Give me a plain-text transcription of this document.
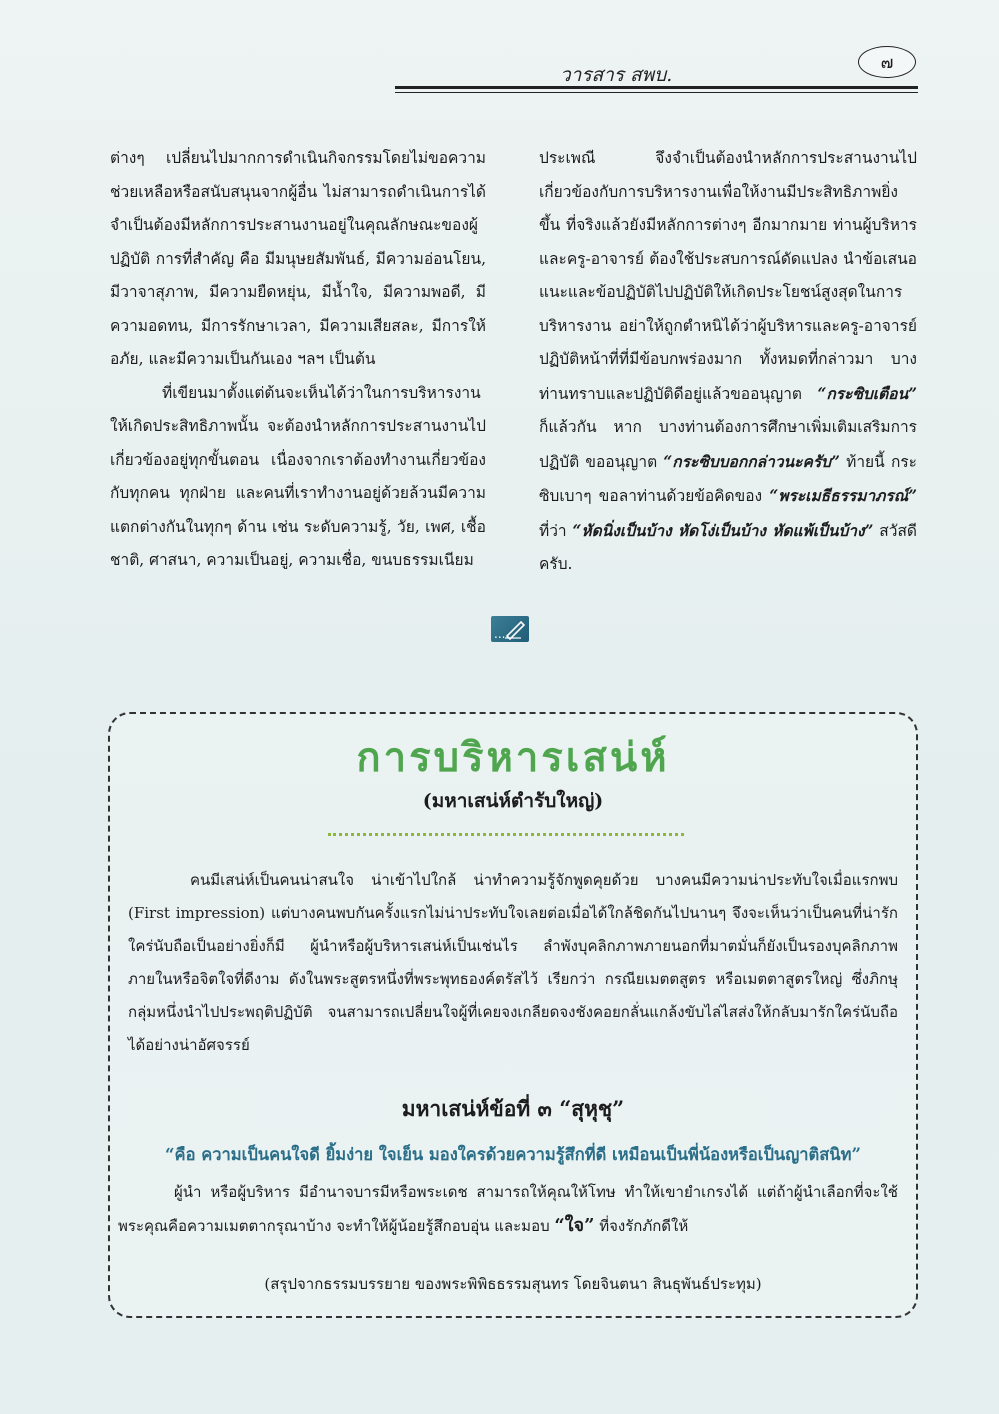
วารสาร สพบ.
๗

ต่างๆ เปลี่ยนไปมากการดำเนินกิจกรรมโดยไม่ขอความช่วยเหลือหรือสนับสนุนจากผู้อื่น ไม่สามารถดำเนินการได้ จำเป็นต้องมีหลักการประสานงานอยู่ในคุณลักษณะของผู้ปฏิบัติ การที่สำคัญ คือ มีมนุษยสัมพันธ์, มีความอ่อนโยน, มีวาจาสุภาพ, มีความยืดหยุ่น, มีน้ำใจ, มีความพอดี, มีความอดทน, มีการรักษาเวลา, มีความเสียสละ, มีการให้อภัย, และมีความเป็นกันเอง ฯลฯ เป็นต้น

ที่เขียนมาตั้งแต่ต้นจะเห็นได้ว่าในการบริหารงานให้เกิดประสิทธิภาพนั้น จะต้องนำหลักการประสานงานไปเกี่ยวข้องอยู่ทุกขั้นตอน เนื่องจากเราต้องทำงานเกี่ยวข้องกับทุกคน ทุกฝ่าย และคนที่เราทำงานอยู่ด้วยล้วนมีความแตกต่างกันในทุกๆ ด้าน เช่น ระดับความรู้, วัย, เพศ, เชื้อชาติ, ศาสนา, ความเป็นอยู่, ความเชื่อ, ขนบธรรมเนียม

ประเพณี จึงจำเป็นต้องนำหลักการประสานงานไปเกี่ยวข้องกับการบริหารงานเพื่อให้งานมีประสิทธิภาพยิ่งขึ้น ที่จริงแล้วยังมีหลักการต่างๆ อีกมากมาย ท่านผู้บริหารและครู-อาจารย์ ต้องใช้ประสบการณ์ดัดแปลง นำข้อเสนอแนะและข้อปฏิบัติไปปฏิบัติให้เกิดประโยชน์สูงสุดในการบริหารงาน อย่าให้ถูกตำหนิได้ว่าผู้บริหารและครู-อาจารย์ ปฏิบัติหน้าที่ที่มีข้อบกพร่องมาก ทั้งหมดที่กล่าวมา บางท่านทราบและปฏิบัติดีอยู่แล้วขออนุญาต “กระซิบเตือน” ก็แล้วกัน หาก บางท่านต้องการศึกษาเพิ่มเติมเสริมการปฏิบัติ ขออนุญาต “กระซิบบอกกล่าวนะครับ” ท้ายนี้ กระซิบเบาๆ ขอลาท่านด้วยข้อคิดของ “พระเมธีธรรมาภรณ์” ที่ว่า “หัดนิ่งเป็นบ้าง หัดโง่เป็นบ้าง หัดแพ้เป็นบ้าง” สวัสดีครับ.

...
การบริหารเสน่ห์
(มหาเสน่ห์ตำรับใหญ่)

คนมีเสน่ห์เป็นคนน่าสนใจ น่าเข้าไปใกล้ น่าทำความรู้จักพูดคุยด้วย บางคนมีความน่าประทับใจเมื่อแรกพบ (First impression) แต่บางคนพบกันครั้งแรกไม่น่าประทับใจเลยต่อเมื่อได้ใกล้ชิดกันไปนานๆ จึงจะเห็นว่าเป็นคนที่น่ารักใคร่นับถือเป็นอย่างยิ่งก็มี ผู้นำหรือผู้บริหารเสน่ห์เป็นเช่นไร ลำพังบุคลิกภาพภายนอกที่มาตมั่นก็ยังเป็นรองบุคลิกภาพภายในหรือจิตใจที่ดีงาม ดังในพระสูตรหนึ่งที่พระพุทธองค์ตรัสไว้ เรียกว่า กรณียเมตตสูตร หรือเมตตาสูตรใหญ่ ซึ่งภิกษุกลุ่มหนึ่งนำไปประพฤติปฏิบัติ จนสามารถเปลี่ยนใจผู้ที่เคยจงเกลียดจงชังคอยกลั่นแกล้งขับไล่ไสส่งให้กลับมารักใคร่นับถือได้อย่างน่าอัศจรรย์

มหาเสน่ห์ข้อที่ ๓ “สุหุชุ”
“คือ ความเป็นคนใจดี ยิ้มง่าย ใจเย็น มองใครด้วยความรู้สึกที่ดี เหมือนเป็นพี่น้องหรือเป็นญาติสนิท”

ผู้นำ หรือผู้บริหาร มีอำนาจบารมีหรือพระเดช สามารถให้คุณให้โทษ ทำให้เขายำเกรงได้ แต่ถ้าผู้นำเลือกที่จะใช้พระคุณคือความเมตตากรุณาบ้าง จะทำให้ผู้น้อยรู้สึกอบอุ่น และมอบ “ใจ” ที่จงรักภักดีให้

(สรุปจากธรรมบรรยาย ของพระพิพิธธรรมสุนทร โดยจินตนา สินธุพันธ์ประทุม)
